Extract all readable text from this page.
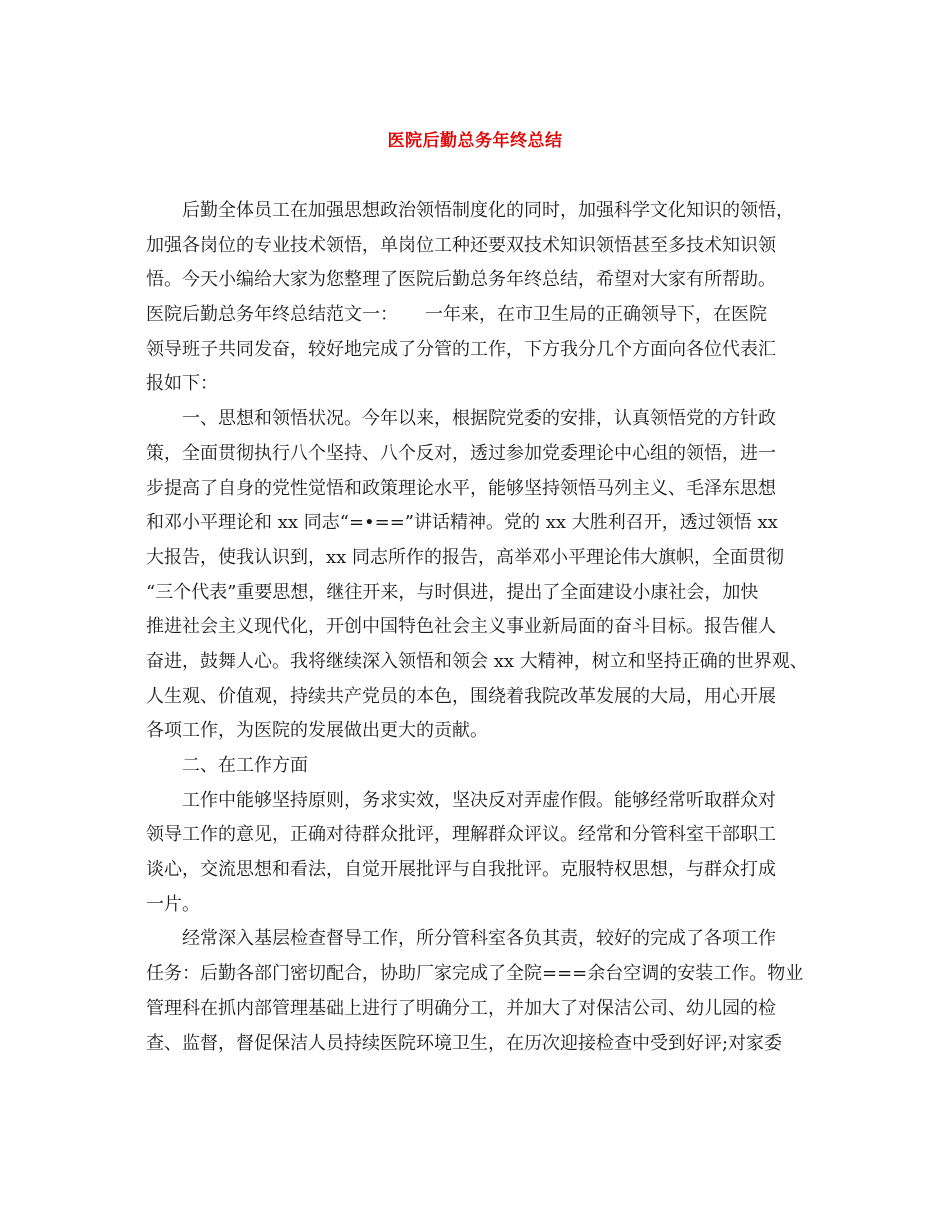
医院后勤总务年终总结
后勤全体员工在加强思想政治领悟制度化的同时，加强科学文化知识的领悟，
加强各岗位的专业技术领悟，单岗位工种还要双技术知识领悟甚至多技术知识领
悟。今天小编给大家为您整理了医院后勤总务年终总结，希望对大家有所帮助。
医院后勤总务年终总结范文一：　　一年来，在市卫生局的正确领导下，在医院
领导班子共同发奋，较好地完成了分管的工作，下方我分几个方面向各位代表汇
报如下：
一、思想和领悟状况。今年以来，根据院党委的安排，认真领悟党的方针政
策，全面贯彻执行八个坚持、八个反对，透过参加党委理论中心组的领悟，进一
步提高了自身的党性觉悟和政策理论水平，能够坚持领悟马列主义、毛泽东思想
和邓小平理论和 xx 同志“=•==”讲话精神。党的 xx 大胜利召开，透过领悟 xx
大报告，使我认识到，xx 同志所作的报告，高举邓小平理论伟大旗帜，全面贯彻
“三个代表”重要思想，继往开来，与时俱进，提出了全面建设小康社会，加快
推进社会主义现代化，开创中国特色社会主义事业新局面的奋斗目标。报告催人
奋进，鼓舞人心。我将继续深入领悟和领会 xx 大精神，树立和坚持正确的世界观、
人生观、价值观，持续共产党员的本色，围绕着我院改革发展的大局，用心开展
各项工作，为医院的发展做出更大的贡献。
二、在工作方面
工作中能够坚持原则，务求实效，坚决反对弄虚作假。能够经常听取群众对
领导工作的意见，正确对待群众批评，理解群众评议。经常和分管科室干部职工
谈心，交流思想和看法，自觉开展批评与自我批评。克服特权思想，与群众打成
一片。
经常深入基层检查督导工作，所分管科室各负其责，较好的完成了各项工作
任务：后勤各部门密切配合，协助厂家完成了全院===余台空调的安装工作。物业
管理科在抓内部管理基础上进行了明确分工，并加大了对保洁公司、幼儿园的检
查、监督，督促保洁人员持续医院环境卫生，在历次迎接检查中受到好评;对家委
